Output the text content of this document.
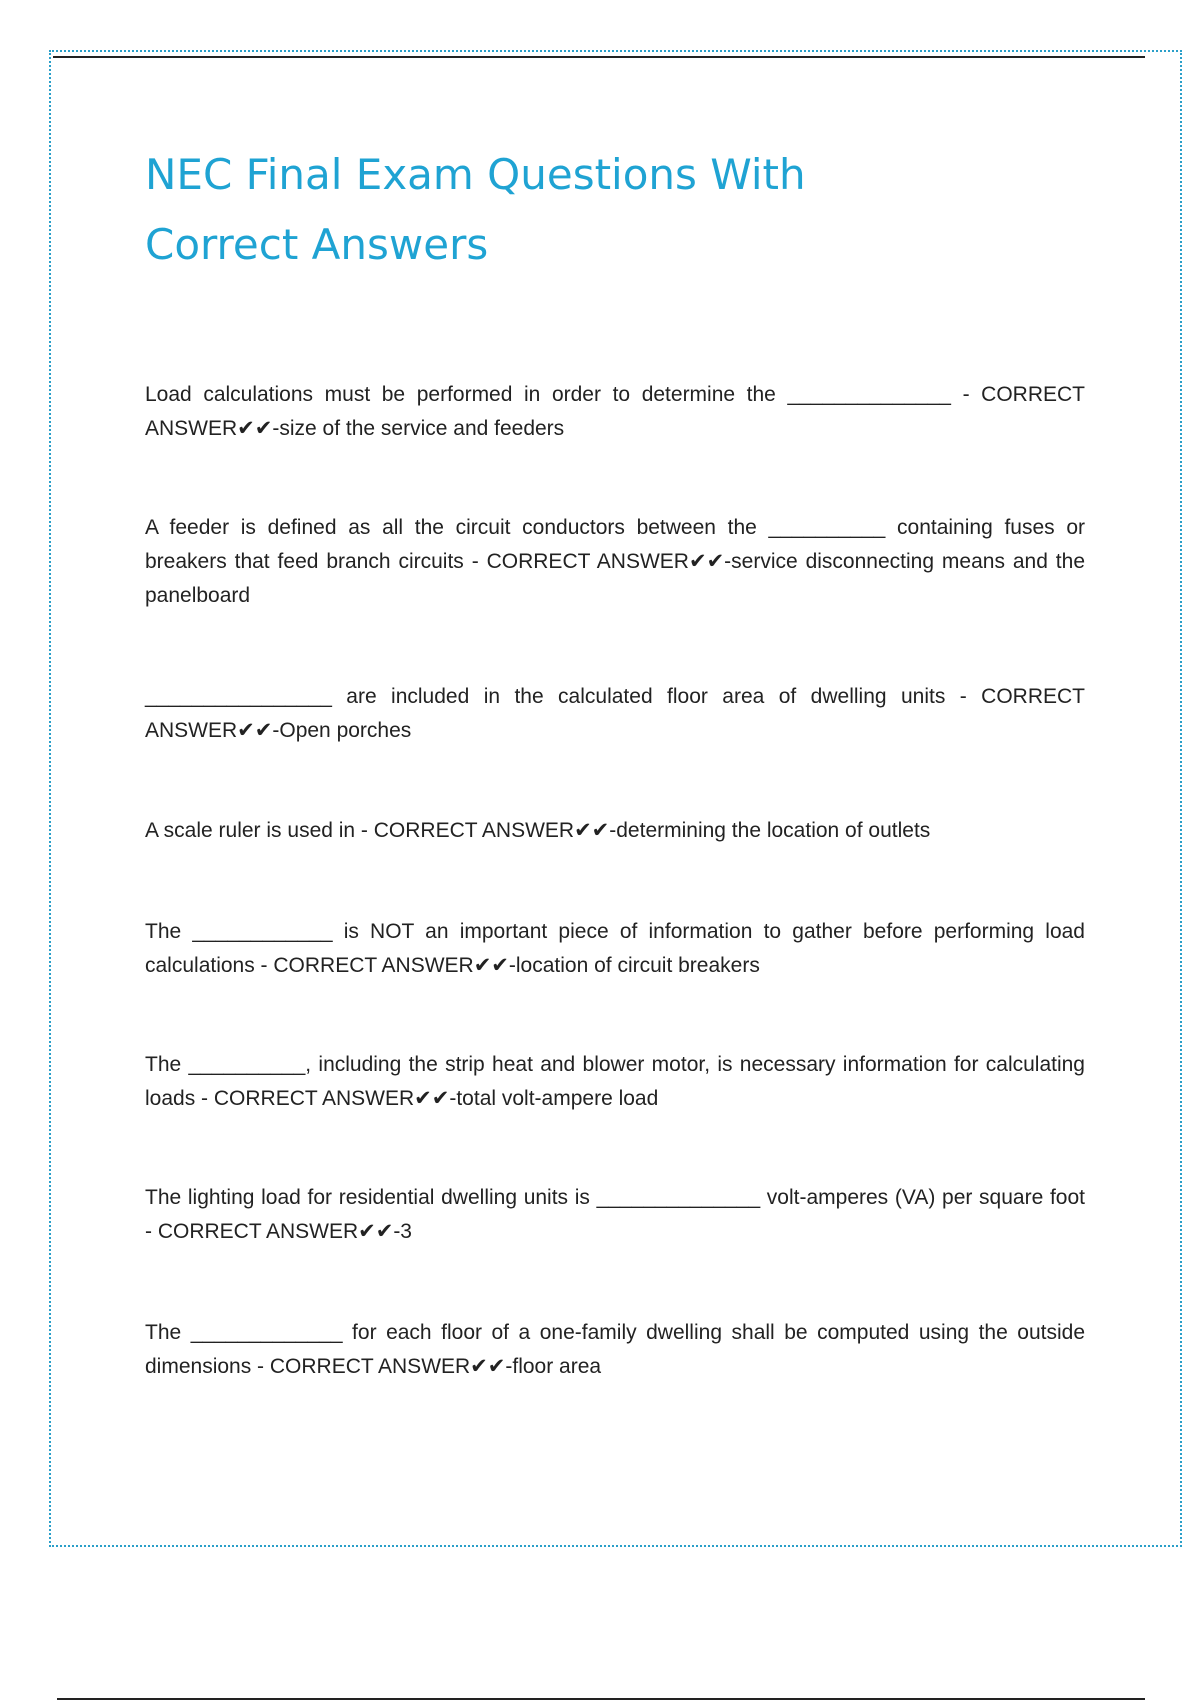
NEC Final Exam Questions With Correct Answers
Load calculations must be performed in order to determine the ______________ - CORRECT ANSWER✔✔-size of the service and feeders
A feeder is defined as all the circuit conductors between the __________ containing fuses or breakers that feed branch circuits - CORRECT ANSWER✔✔-service disconnecting means and the panelboard
________________ are included in the calculated floor area of dwelling units - CORRECT ANSWER✔✔-Open porches
A scale ruler is used in - CORRECT ANSWER✔✔-determining the location of outlets
The ____________ is NOT an important piece of information to gather before performing load calculations - CORRECT ANSWER✔✔-location of circuit breakers
The __________, including the strip heat and blower motor, is necessary information for calculating loads - CORRECT ANSWER✔✔-total volt-ampere load
The lighting load for residential dwelling units is ______________ volt-amperes (VA) per square foot - CORRECT ANSWER✔✔-3
The _____________ for each floor of a one-family dwelling shall be computed using the outside dimensions - CORRECT ANSWER✔✔-floor area
